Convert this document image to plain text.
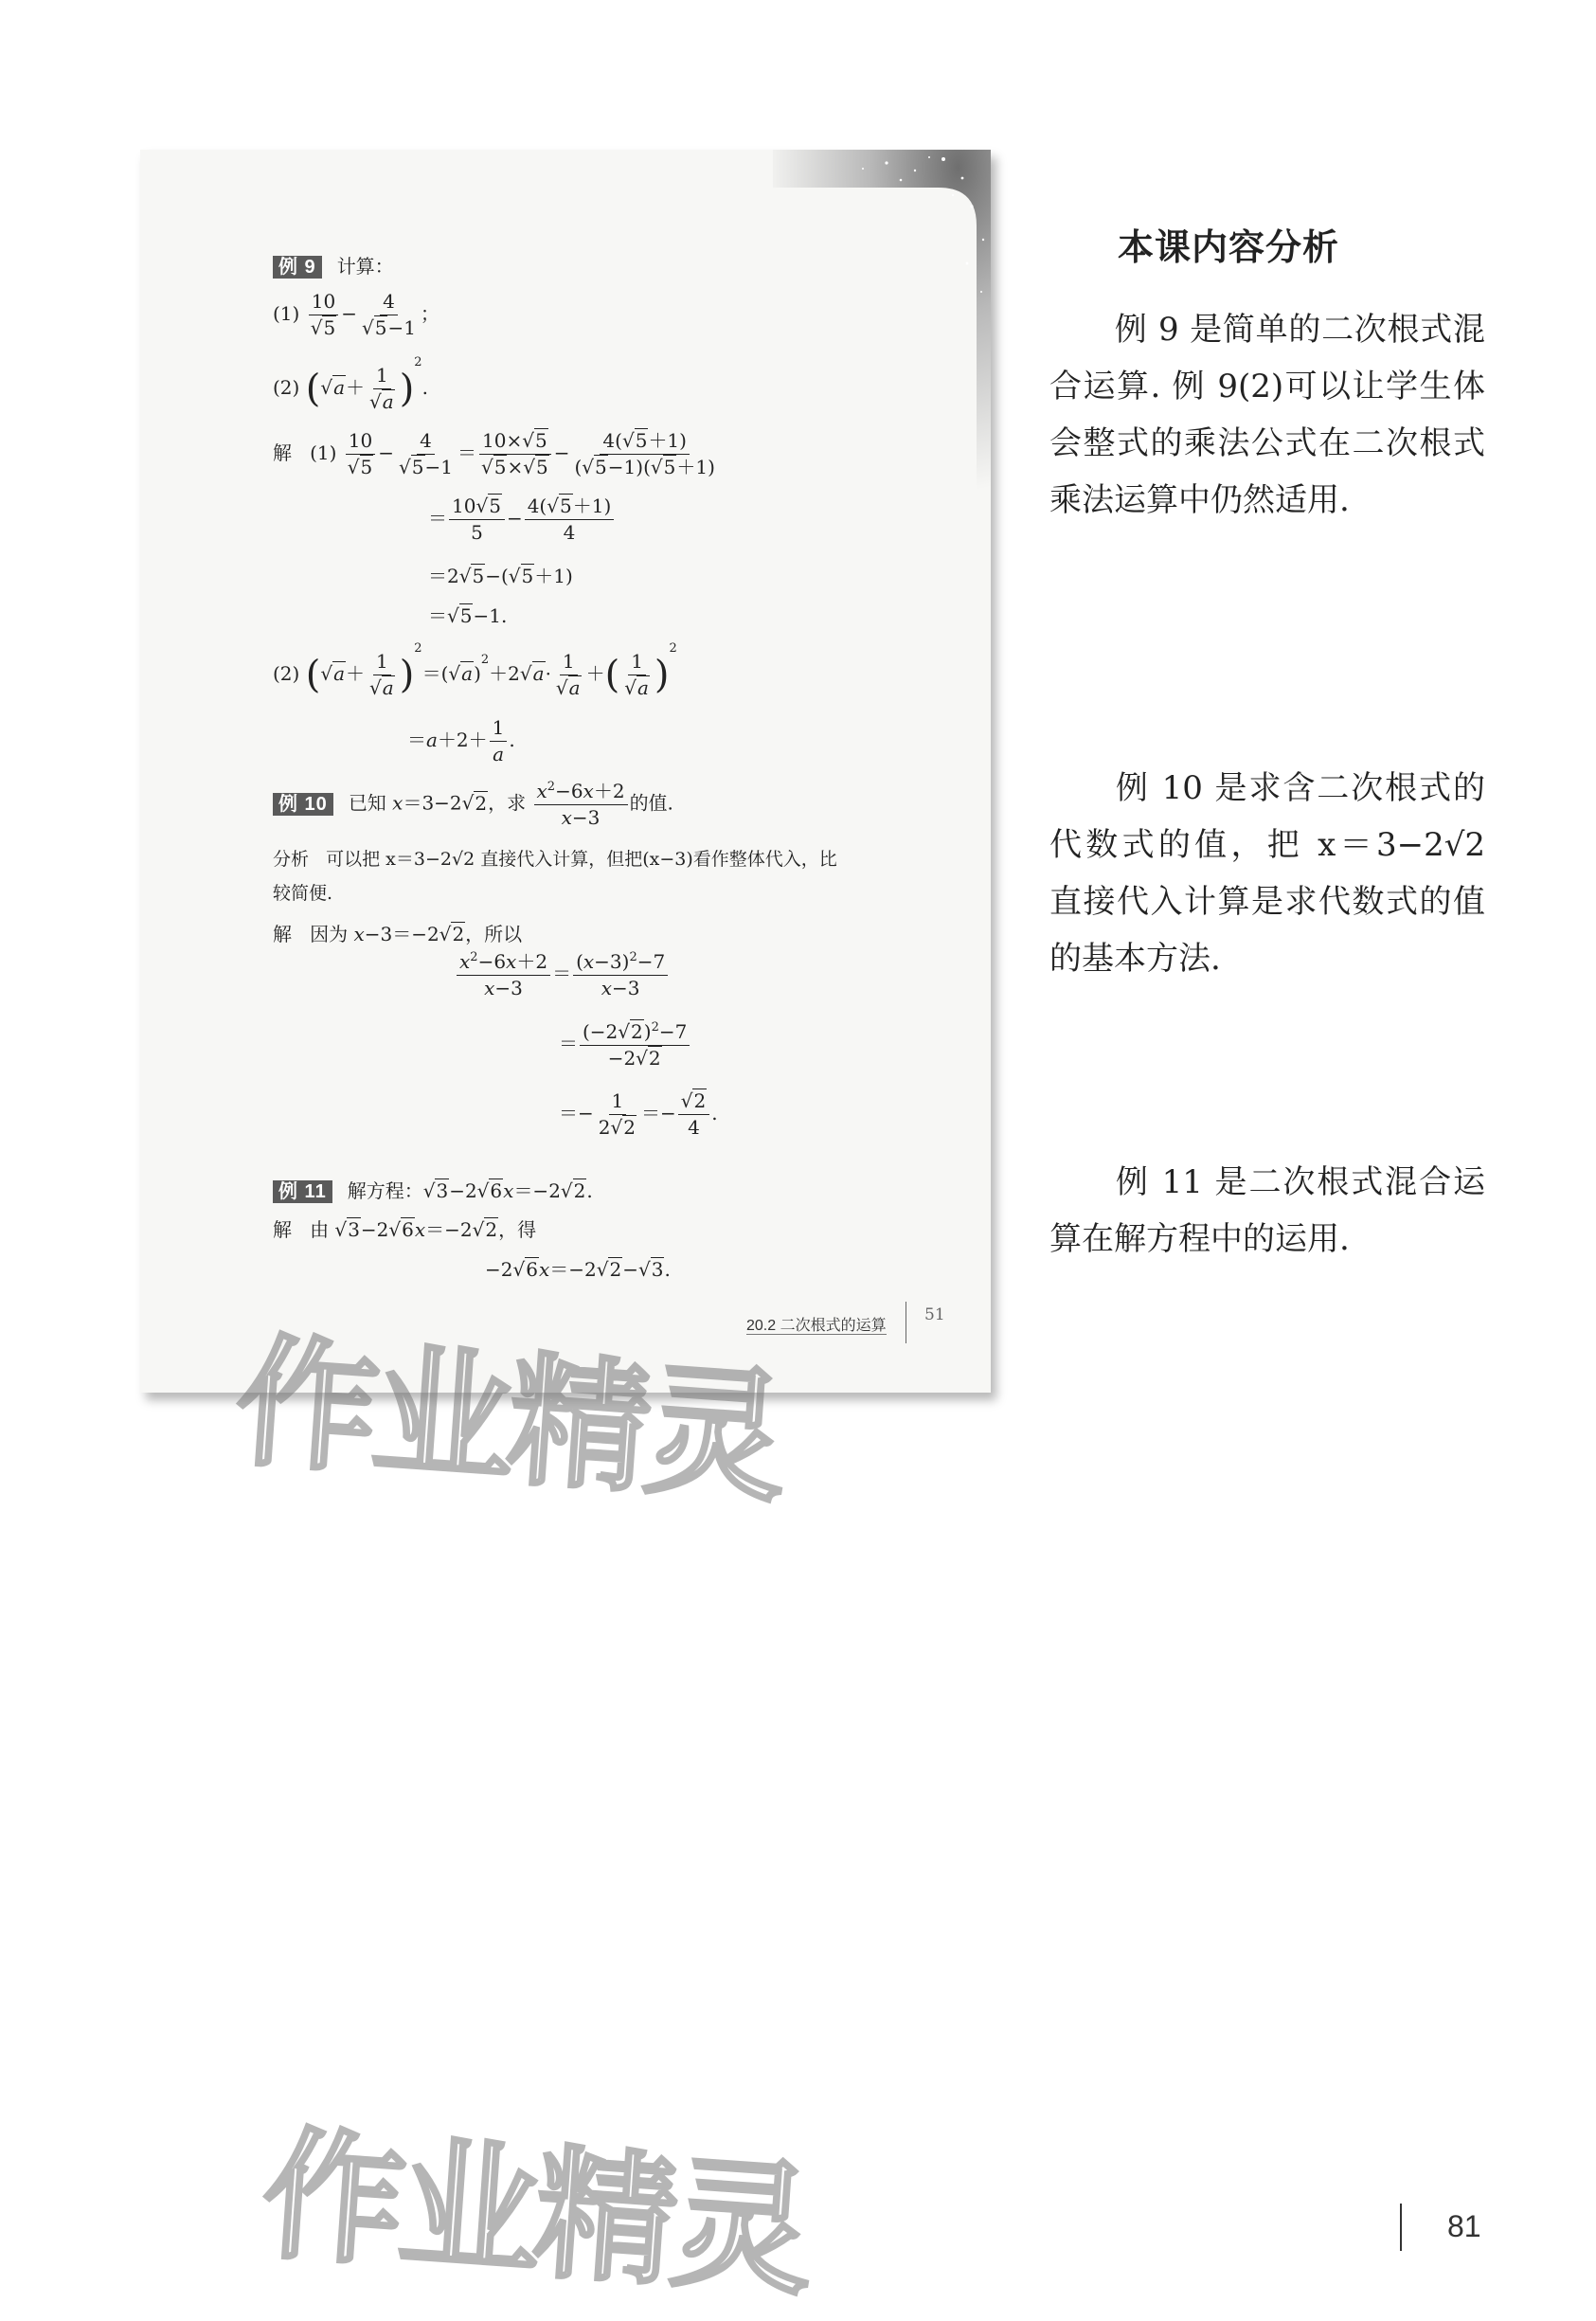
例 9 计算：
$(1) \frac{10}{√5} - \frac{4}{√5-1}$ ；
(2) $(√a+ \frac{1}{√a} )^2$.
解 $(1) \frac{10}{√5} - \frac{4}{√5-1} = \frac{10\times√5}{√5\times√5} - \frac{4(√5+1)}{(√5-1)(√5+1)}$
＝ $\frac{10√5}{5} - \frac{4(√5+1)}{4}$
＝2√5−(√5＋1)
＝√5−1.
(2) $(√a+ \frac{1}{√a} )^2=(√a)^2+2√a\cdot \frac{1}{√a}$ ＋( $\frac{1}{√a} )^2$
$=a+2+ \frac{1}{a}$ .
例 10 已知 x＝3−2√2，求 $\frac{x^2-6x+2}{x-3}$ 的值.
分析 可以把 x＝3−2√2 直接代入计算，但把(x−3)看作整体代入，比
较简便.
解 因为 x−3＝−2√2，所以
$\frac{x^2-6x+2}{x-3} = \frac{(x-3)^2-7}{x-3}$
＝ $\frac{(-2√2)^2-7}{-2√2}$
＝− $\frac{1}{2√2} =- \frac{√2}{4}$ .
例 11 解方程：√3−2√6x＝−2√2.
解 由 √3−2√6x＝−2√2，得
−2√6x＝−2√2−√3.
20.2 二次根式的运算
51
本课内容分析
例 9 是简单的二次根式混合运算. 例 9(2)可以让学生体会整式的乘法公式在二次根式乘法运算中仍然适用.
例 10 是求含二次根式的代数式的值，把 x＝3−2√2 直接代入计算是求代数式的值的基本方法.
例 11 是二次根式混合运算在解方程中的运用.
作业精灵
作业精灵	81
